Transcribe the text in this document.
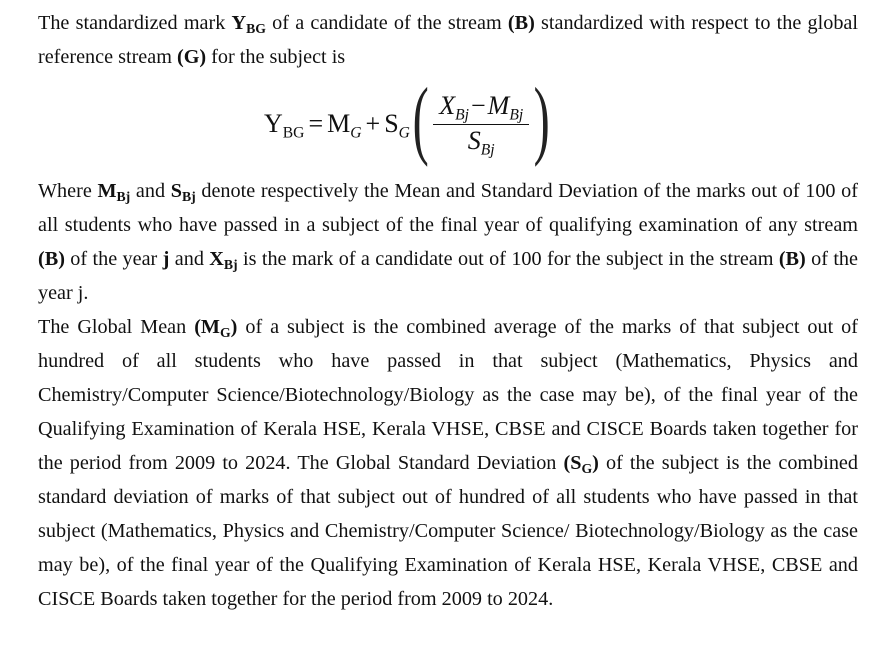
The standardized mark $Y_{BG}$ of a candidate of the stream (B) standardized with respect to the global reference stream (G) for the subject is

$Y_{BG} = M_G + S_G$ ( $\frac{X_{Bj}-M_{Bj}}{S_{Bj}}$ )

Where $M_{Bj}$ and $S_{Bj}$ denote respectively the Mean and Standard Deviation of the marks out of 100 of all students who have passed in a subject of the final year of qualifying examination of any stream (B) of the year j and $X_{Bj}$ is the mark of a candidate out of 100 for the subject in the stream (B) of the year j.

The Global Mean $(M_G)$ of a subject is the combined average of the marks of that subject out of hundred of all students who have passed in that subject (Mathematics, Physics and Chemistry/Computer Science/Biotechnology/Biology as the case may be), of the final year of the Qualifying Examination of Kerala HSE, Kerala VHSE, CBSE and CISCE Boards taken together for the period from 2009 to 2024. The Global Standard Deviation $(S_G)$ of the subject is the combined standard deviation of marks of that subject out of hundred of all students who have passed in that subject (Mathematics, Physics and Chemistry/Computer Science/ Biotechnology/Biology as the case may be), of the final year of the Qualifying Examination of Kerala HSE, Kerala VHSE, CBSE and CISCE Boards taken together for the period from 2009 to 2024.
